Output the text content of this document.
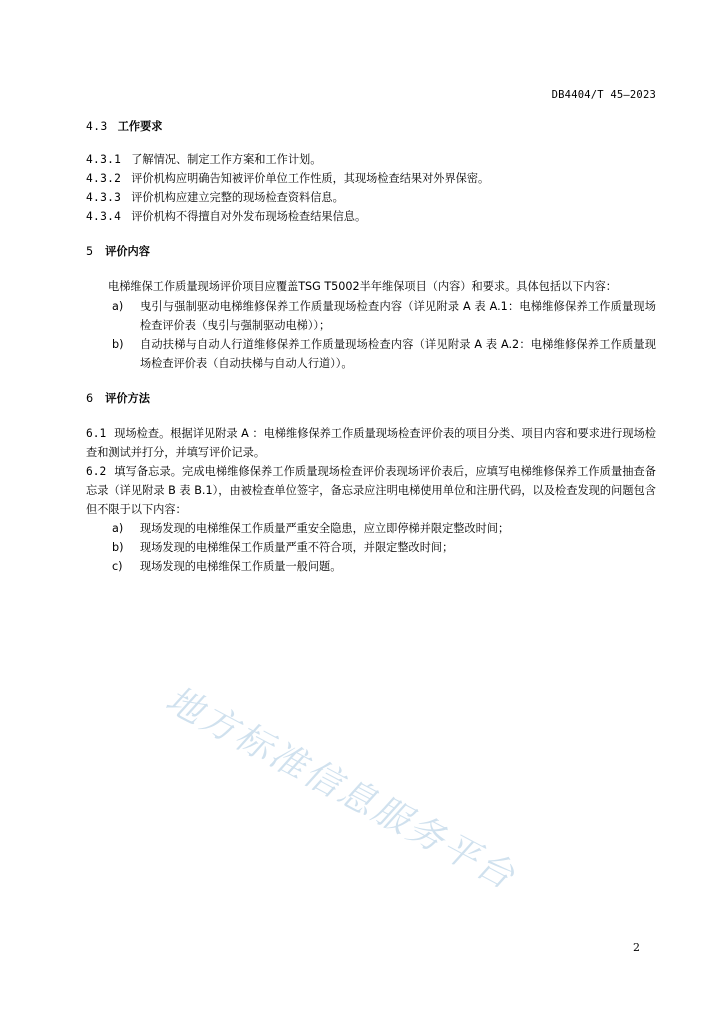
DB4404/T 45—2023
4.3 工作要求
4.3.1 了解情况、制定工作方案和工作计划。
4.3.2 评价机构应明确告知被评价单位工作性质，其现场检查结果对外界保密。
4.3.3 评价机构应建立完整的现场检查资料信息。
4.3.4 评价机构不得擅自对外发布现场检查结果信息。
5 评价内容
电梯维保工作质量现场评价项目应覆盖TSG T5002半年维保项目（内容）和要求。具体包括以下内容：
a) 曳引与强制驱动电梯维修保养工作质量现场检查内容（详见附录 A 表 A.1：电梯维修保养工作质量现场检查评价表（曳引与强制驱动电梯））；
b) 自动扶梯与自动人行道维修保养工作质量现场检查内容（详见附录 A 表 A.2：电梯维修保养工作质量现场检查评价表（自动扶梯与自动人行道））。
6 评价方法
6.1 现场检查。根据详见附录 A ：电梯维修保养工作质量现场检查评价表的项目分类、项目内容和要求进行现场检查和测试并打分，并填写评价记录。
6.2 填写备忘录。完成电梯维修保养工作质量现场检查评价表现场评价表后，应填写电梯维修保养工作质量抽查备忘录（详见附录 B 表 B.1），由被检查单位签字，备忘录应注明电梯使用单位和注册代码，以及检查发现的问题包含但不限于以下内容：
a) 现场发现的电梯维保工作质量严重安全隐患，应立即停梯并限定整改时间；
b) 现场发现的电梯维保工作质量严重不符合项，并限定整改时间；
c) 现场发现的电梯维保工作质量一般问题。
地方标准信息服务平台
2
